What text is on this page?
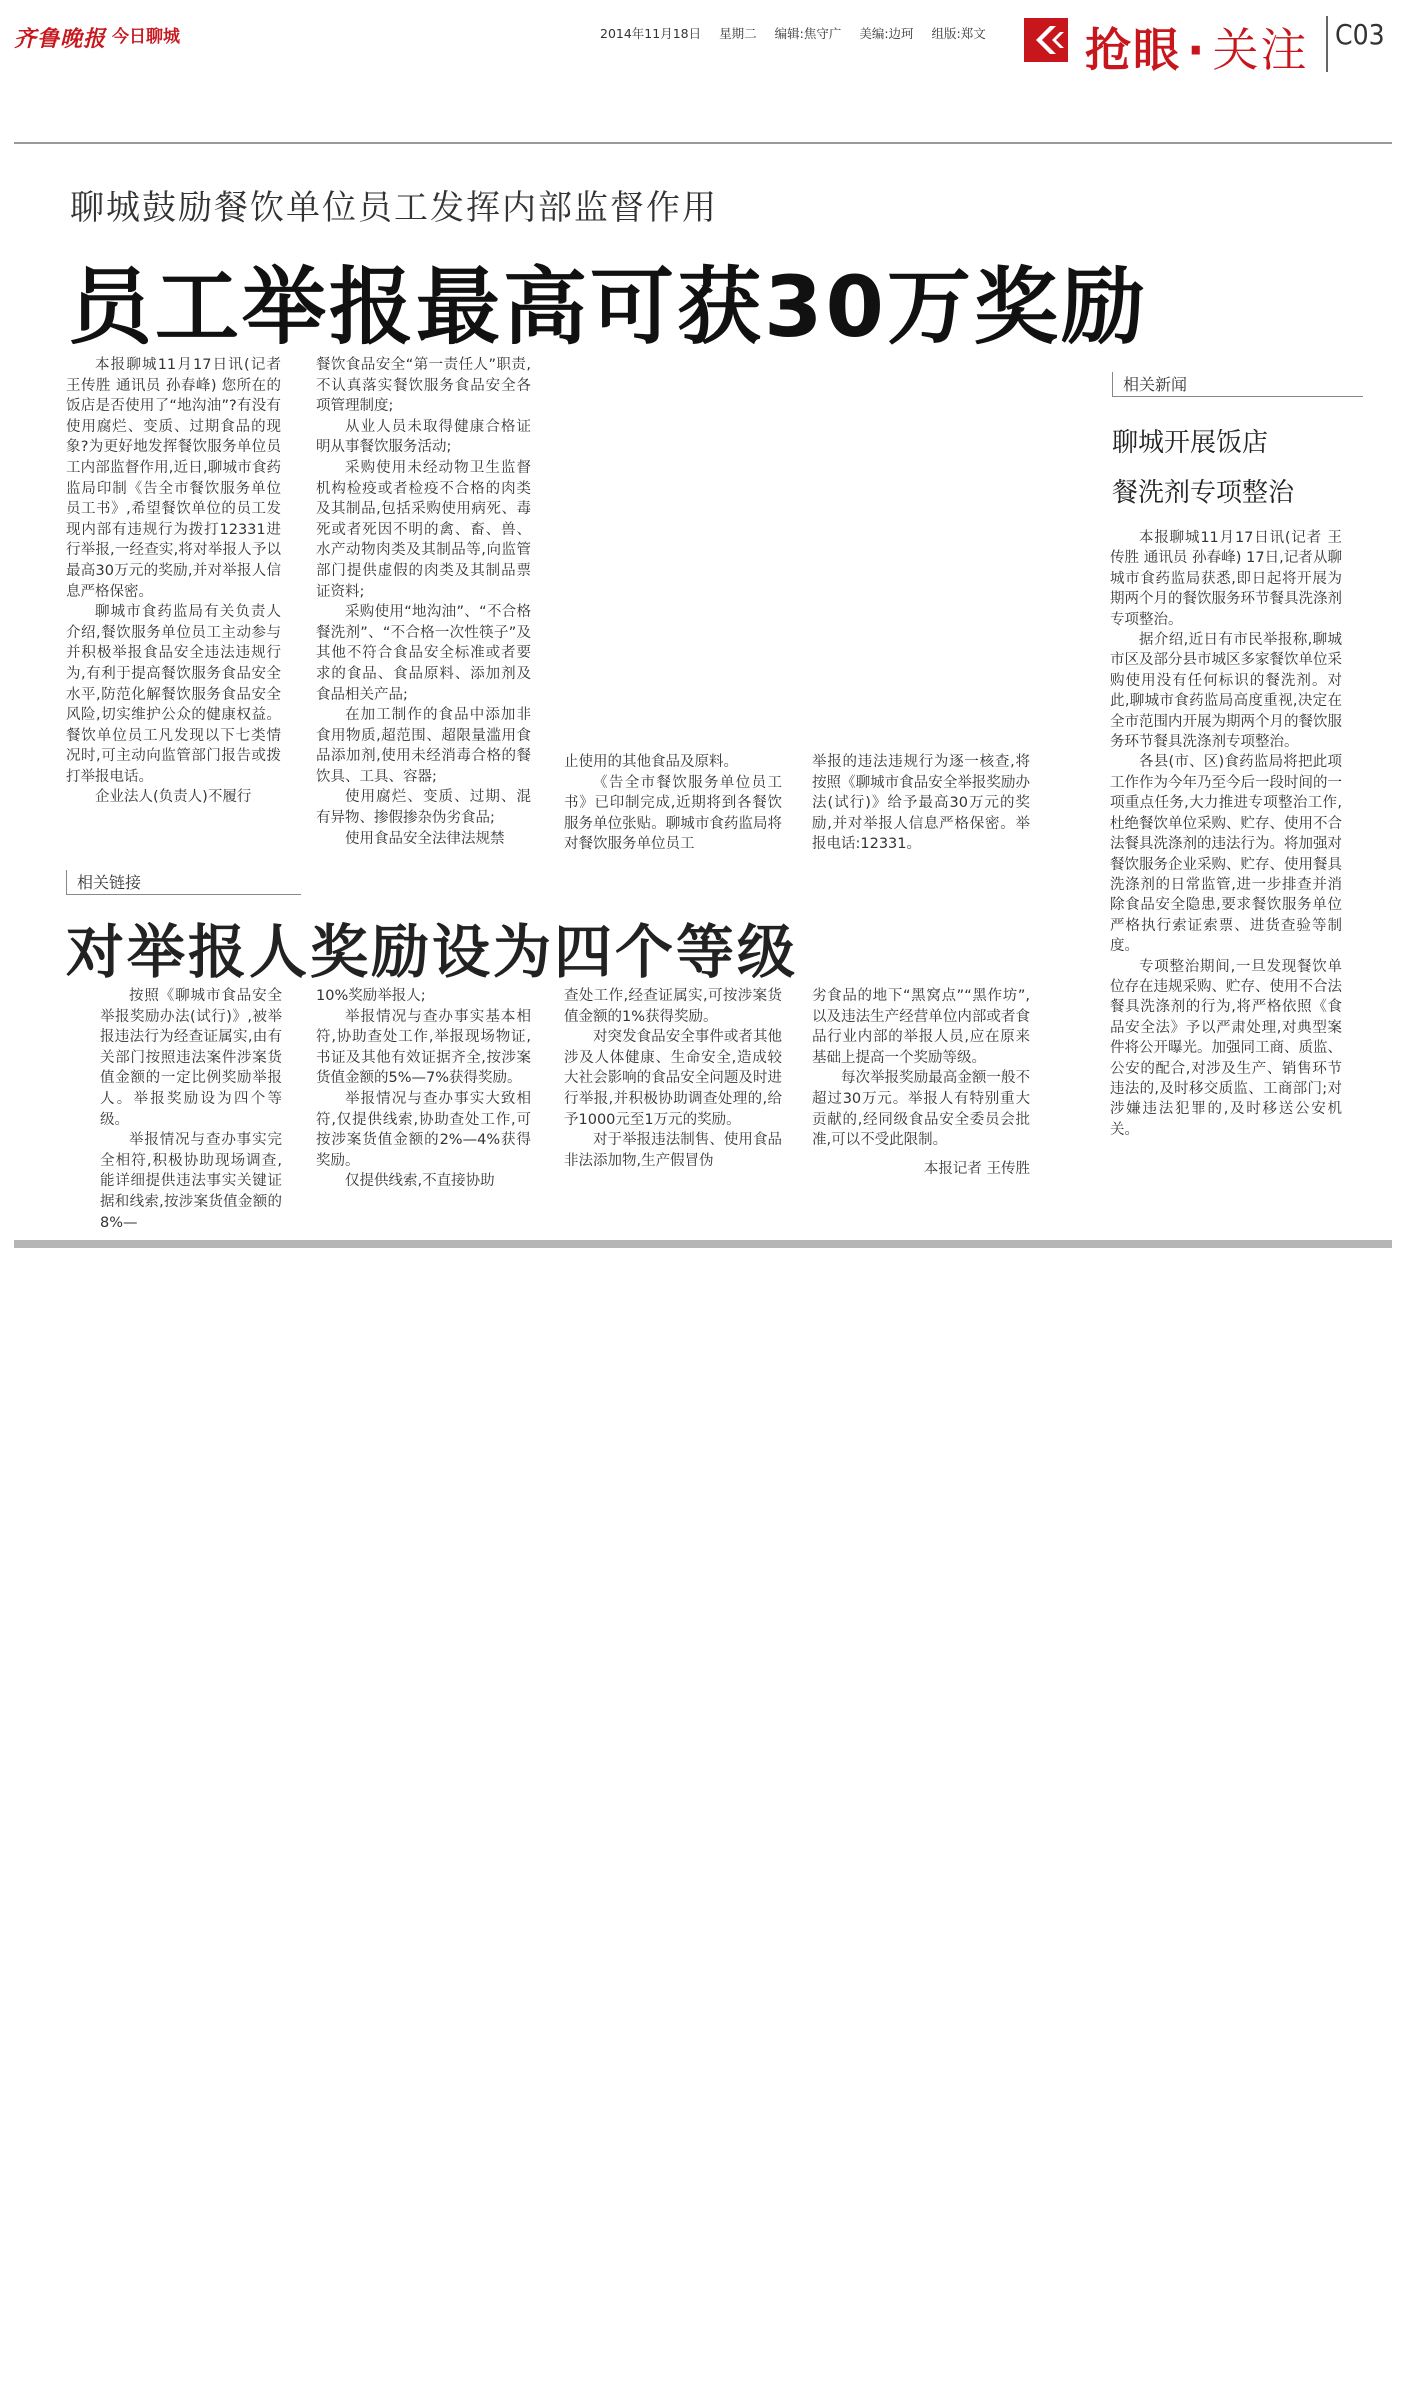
齐鲁晚报 今日聊城	2014年11月18日 星期二 编辑:焦守广 美编:边珂 组版:郑文	抢眼 · 关注 C03
聊城鼓励餐饮单位员工发挥内部监督作用
员工举报最高可获30万奖励

本报聊城11月17日讯(记者 王传胜 通讯员 孙春峰) 您所在的饭店是否使用了“地沟油”?有没有使用腐烂、变质、过期食品的现象?为更好地发挥餐饮服务单位员工内部监督作用,近日,聊城市食药监局印制《告全市餐饮服务单位员工书》,希望餐饮单位的员工发现内部有违规行为拨打12331进行举报,一经查实,将对举报人予以最高30万元的奖励,并对举报人信息严格保密。

聊城市食药监局有关负责人介绍,餐饮服务单位员工主动参与并积极举报食品安全违法违规行为,有利于提高餐饮服务食品安全水平,防范化解餐饮服务食品安全风险,切实维护公众的健康权益。餐饮单位员工凡发现以下七类情况时,可主动向监管部门报告或拨打举报电话。

企业法人(负责人)不履行

餐饮食品安全“第一责任人”职责,不认真落实餐饮服务食品安全各项管理制度;

从业人员未取得健康合格证明从事餐饮服务活动;

采购使用未经动物卫生监督机构检疫或者检疫不合格的肉类及其制品,包括采购使用病死、毒死或者死因不明的禽、畜、兽、水产动物肉类及其制品等,向监管部门提供虚假的肉类及其制品票证资料;

采购使用“地沟油”、“不合格餐洗剂”、“不合格一次性筷子”及其他不符合食品安全标准或者要求的食品、食品原料、添加剂及食品相关产品;

在加工制作的食品中添加非食用物质,超范围、超限量滥用食品添加剂,使用未经消毒合格的餐饮具、工具、容器;

使用腐烂、变质、过期、混有异物、掺假掺杂伪劣食品;

使用食品安全法律法规禁

止使用的其他食品及原料。

《告全市餐饮服务单位员工书》已印制完成,近期将到各餐饮服务单位张贴。聊城市食药监局将对餐饮服务单位员工

举报的违法违规行为逐一核查,将按照《聊城市食品安全举报奖励办法(试行)》给予最高30万元的奖励,并对举报人信息严格保密。举报电话:12331。

相关链接
对举报人奖励设为四个等级

按照《聊城市食品安全举报奖励办法(试行)》,被举报违法行为经查证属实,由有关部门按照违法案件涉案货值金额的一定比例奖励举报人。举报奖励设为四个等级。

举报情况与查办事实完全相符,积极协助现场调查,能详细提供违法事实关键证据和线索,按涉案货值金额的8%—

10%奖励举报人;

举报情况与查办事实基本相符,协助查处工作,举报现场物证,书证及其他有效证据齐全,按涉案货值金额的5%—7%获得奖励。

举报情况与查办事实大致相符,仅提供线索,协助查处工作,可按涉案货值金额的2%—4%获得奖励。

仅提供线索,不直接协助

查处工作,经查证属实,可按涉案货值金额的1%获得奖励。

对突发食品安全事件或者其他涉及人体健康、生命安全,造成较大社会影响的食品安全问题及时进行举报,并积极协助调查处理的,给予1000元至1万元的奖励。

对于举报违法制售、使用食品非法添加物,生产假冒伪

劣食品的地下“黑窝点”“黑作坊”,以及违法生产经营单位内部或者食品行业内部的举报人员,应在原来基础上提高一个奖励等级。

每次举报奖励最高金额一般不超过30万元。举报人有特别重大贡献的,经同级食品安全委员会批准,可以不受此限制。

本报记者 王传胜
相关新闻
聊城开展饭店
餐洗剂专项整治

本报聊城11月17日讯(记者 王传胜 通讯员 孙春峰) 17日,记者从聊城市食药监局获悉,即日起将开展为期两个月的餐饮服务环节餐具洗涤剂专项整治。

据介绍,近日有市民举报称,聊城市区及部分县市城区多家餐饮单位采购使用没有任何标识的餐洗剂。对此,聊城市食药监局高度重视,决定在全市范围内开展为期两个月的餐饮服务环节餐具洗涤剂专项整治。

各县(市、区)食药监局将把此项工作作为今年乃至今后一段时间的一项重点任务,大力推进专项整治工作,杜绝餐饮单位采购、贮存、使用不合法餐具洗涤剂的违法行为。将加强对餐饮服务企业采购、贮存、使用餐具洗涤剂的日常监管,进一步排查并消除食品安全隐患,要求餐饮服务单位严格执行索证索票、进货查验等制度。

专项整治期间,一旦发现餐饮单位存在违规采购、贮存、使用不合法餐具洗涤剂的行为,将严格依照《食品安全法》予以严肃处理,对典型案件将公开曝光。加强同工商、质监、公安的配合,对涉及生产、销售环节违法的,及时移交质监、工商部门;对涉嫌违法犯罪的,及时移送公安机关。
